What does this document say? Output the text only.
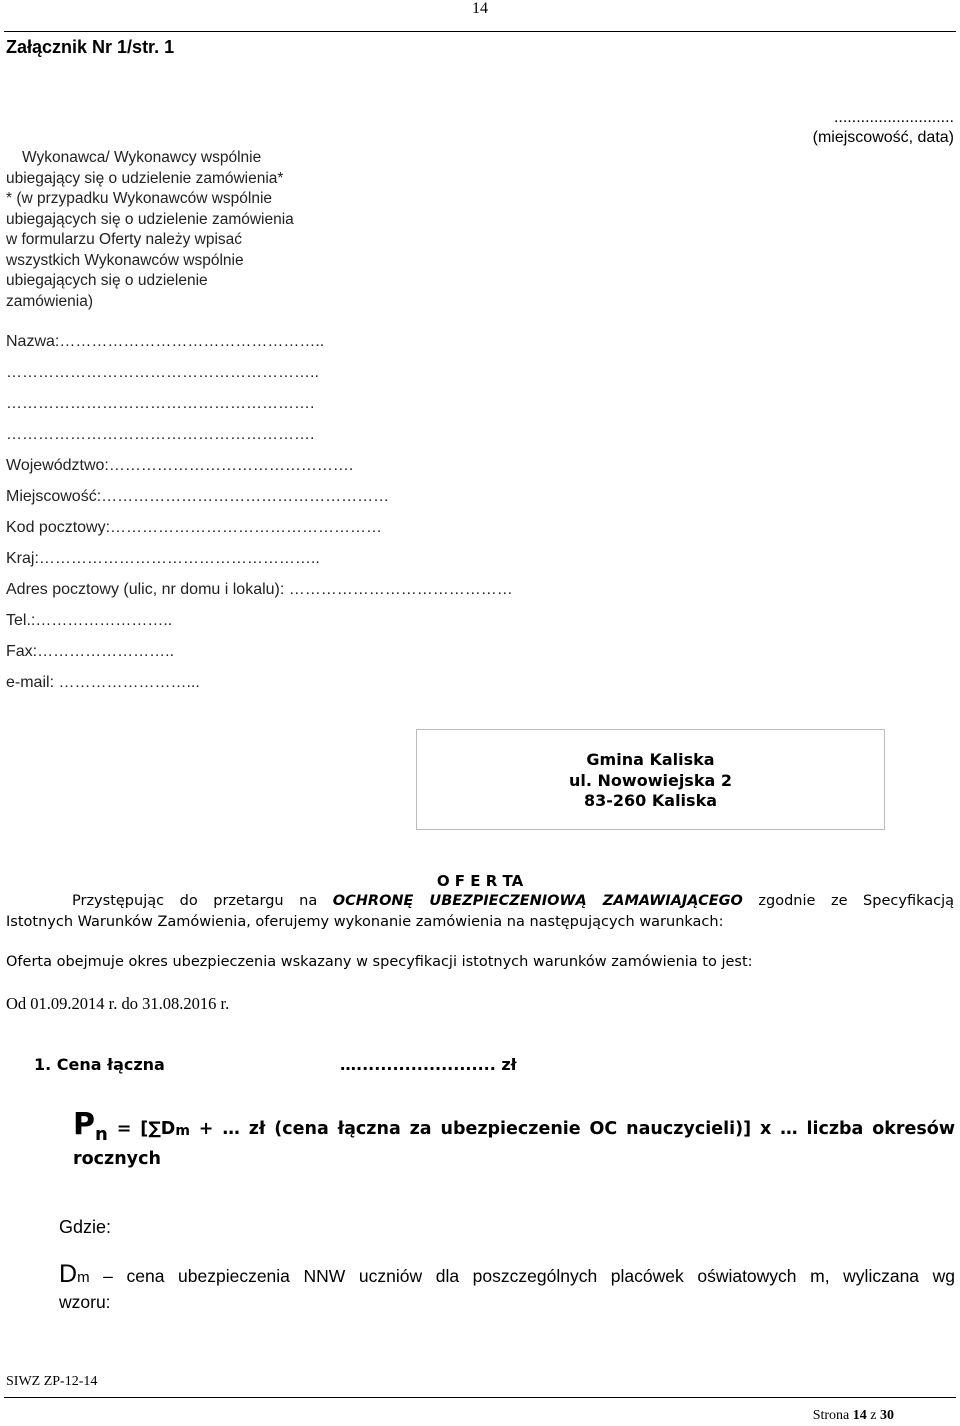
14
Załącznik Nr 1/str. 1
...........................
(miejscowość, data)
Wykonawca/ Wykonawcy wspólnie
ubiegający się o udzielenie zamówienia*
* (w przypadku Wykonawców wspólnie
ubiegających się o udzielenie zamówienia
w formularzu Oferty należy wpisać
wszystkich Wykonawców wspólnie
ubiegających się o udzielenie
zamówienia)
Nazwa:…………………………………………..
…………………………………………………..
………………………………………………….
………………………………………………….
Województwo:……………………………………….
Miejscowość:………………………………………………
Kod pocztowy:……………………………………………
Kraj:……………………………………………..
Adres pocztowy (ulic, nr domu i lokalu): ……………………………………
Tel.:……………………..
Fax:……………………..
e-mail: ……………………...
Gmina Kaliska
ul. Nowowiejska 2
83-260 Kaliska
O F E R TA
Przystępując do przetargu na OCHRONĘ UBEZPIECZENIOWĄ ZAMAWIAJĄCEGO zgodnie ze Specyfikacją
Istotnych Warunków Zamówienia, oferujemy wykonanie zamówienia na następujących warunkach:
Oferta obejmuje okres ubezpieczenia wskazany w specyfikacji istotnych warunków zamówienia to jest:
Od 01.09.2014 r. do 31.08.2016 r.
1. Cena łączna	…....................... zł
Pn = [∑Dm + … zł (cena łączna za ubezpieczenie OC nauczycieli)] x … liczba okresów
rocznych
Gdzie:
Dm – cena ubezpieczenia NNW uczniów dla poszczególnych placówek oświatowych m, wyliczana wg
wzoru:
SIWZ ZP-12-14
Strona 14 z 30
